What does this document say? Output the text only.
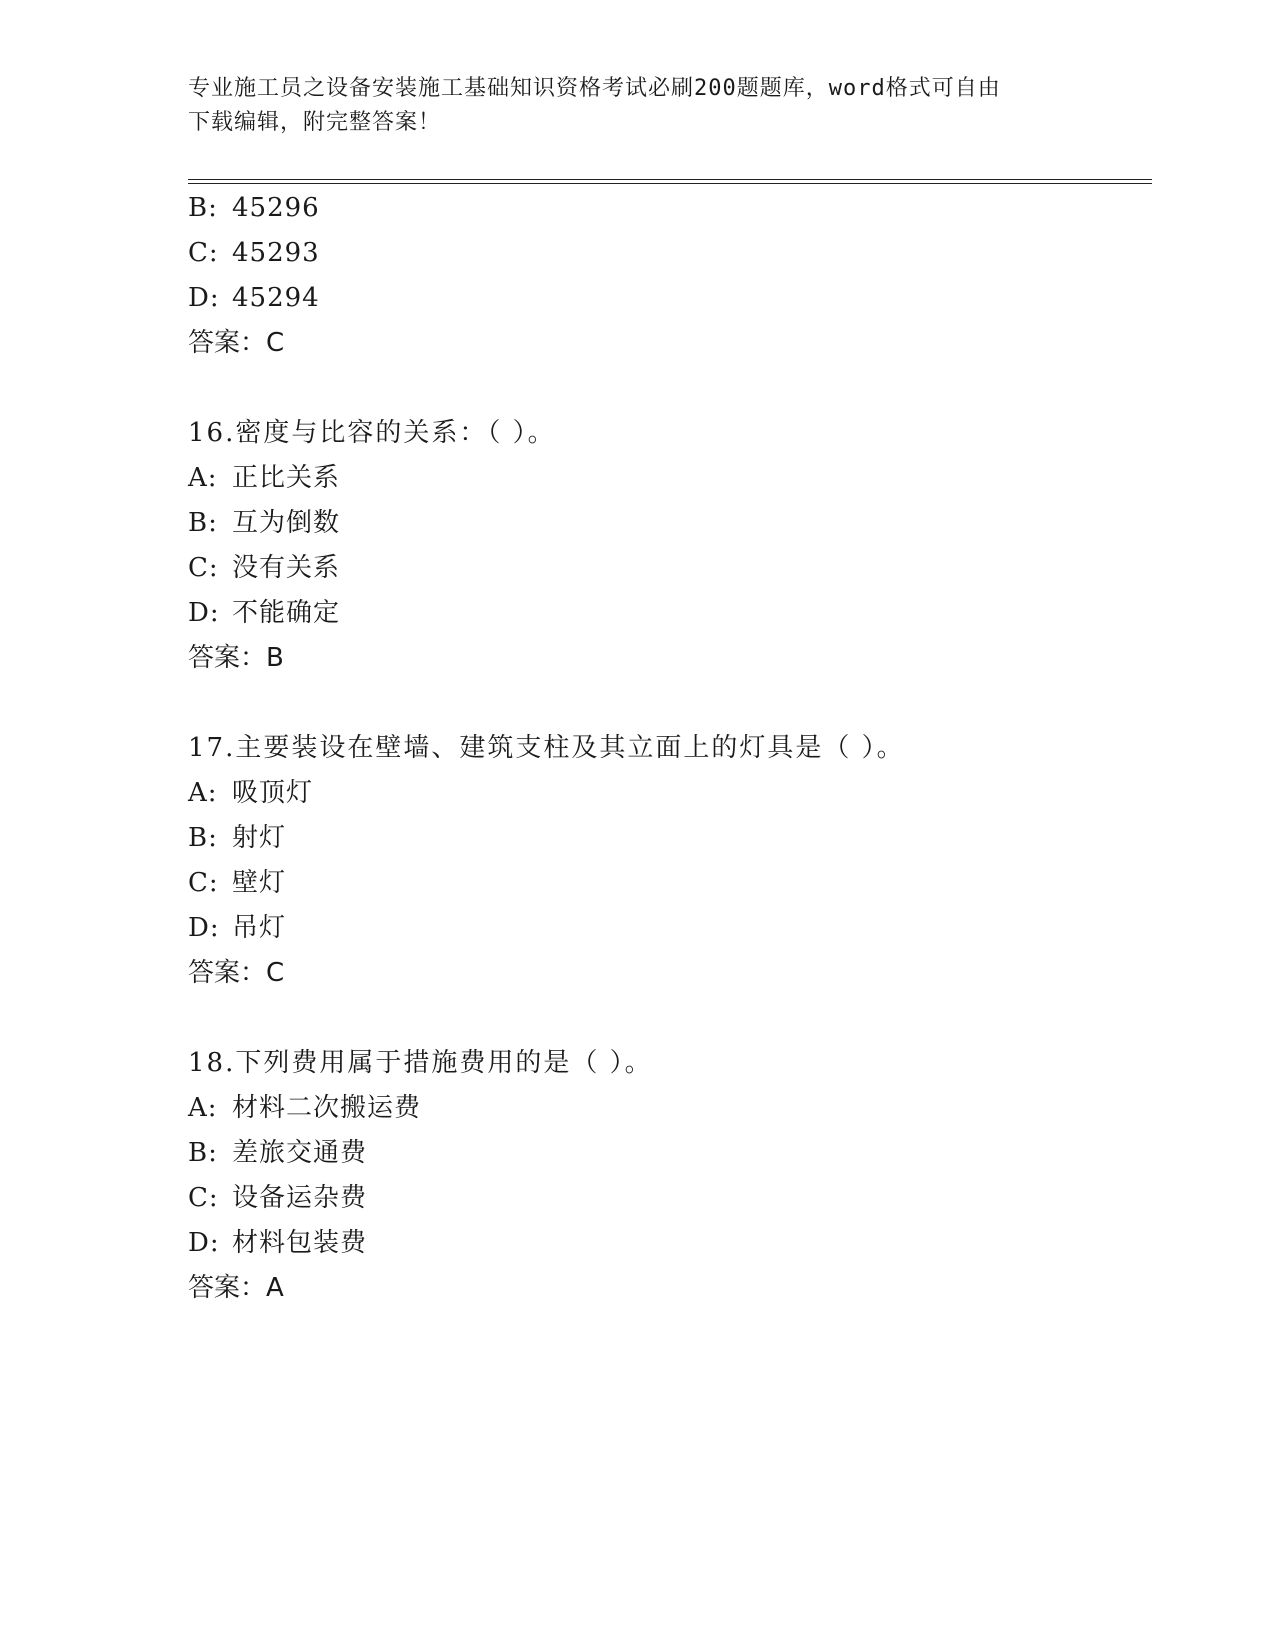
专业施工员之设备安装施工基础知识资格考试必刷200题题库，word格式可自由
下载编辑，附完整答案！
B: 45296
C: 45293
D: 45294
答案：C
16.密度与比容的关系：（ ）。
A: 正比关系
B: 互为倒数
C: 没有关系
D: 不能确定
答案：B
17.主要装设在壁墙、建筑支柱及其立面上的灯具是（ ）。
A: 吸顶灯
B: 射灯
C: 壁灯
D: 吊灯
答案：C
18.下列费用属于措施费用的是（ ）。
A: 材料二次搬运费
B: 差旅交通费
C: 设备运杂费
D: 材料包装费
答案：A
